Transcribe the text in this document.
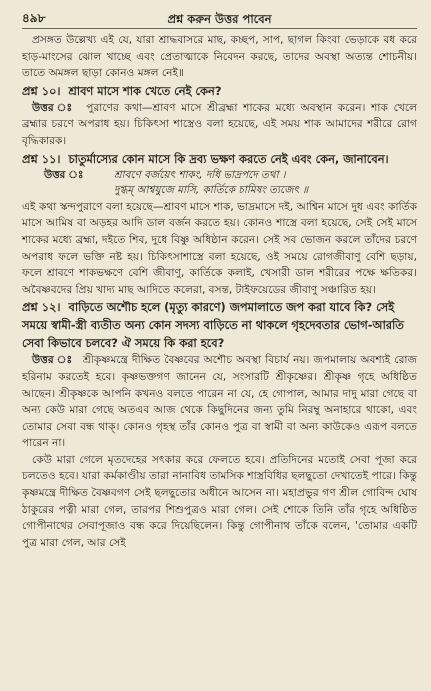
৪৯৮	প্রশ্ন করুন উত্তর পাবেন

প্রসঙ্গত উল্লেখ্য এই যে, যারা শ্রাদ্ধবাসরে মাছ, কচ্ছপ, সাপ, ছাগল কিংবা ভেড়াকে বধ করে হাড়-মাংসের ঝোল খাচ্ছে এবং প্রেতাত্মাকে নিবেদন করছে, তাদের অবস্থা অত্যন্ত শোচনীয়। তাতে অমঙ্গল ছাড়া কোনও মঙ্গল নেই॥

প্রশ্ন ১০। শ্রাবণ মাসে শাক খেতে নেই কেন?

উত্তর ঃ পুরাণের কথা—শ্রাবণ মাসে শ্রীব্রহ্মা শাকের মধ্যে অবস্থান করেন। শাক খেলে ব্রহ্মার চরণে অপরাধ হয়। চিকিৎসা শাস্ত্রেও বলা হয়েছে, এই সময় শাক আমাদের শরীরে রোগ বৃদ্ধিকারক।

প্রশ্ন ১১। চাতুর্মাস্যের কোন মাসে কি দ্রব্য ভক্ষণ করতে নেই এবং কেন, জানাবেন।
উত্তর ঃ	শ্রাবণে বর্জয়েৎ শাকং, দধি ভাদ্রপদে তথা ।
দুগ্ধম্ আশ্বযুজে মাসি, কার্তিকে চামিষং ত্যজেৎ ॥

এই কথা স্কন্দপুরাণে বলা হয়েছে—শ্রাবণ মাসে শাক, ভাদ্রমাসে দই, আশ্বিন মাসে দুধ এবং কার্তিক মাসে আমিষ বা অড়হর আদি ডাল বর্জন করতে হয়। কোনও শাস্ত্রে বলা হয়েছে, সেই সেই মাসে শাকের মধ্যে ব্রহ্মা, দইতে শিব, দুধে বিষ্ণু অধিষ্ঠান করেন। সেই সব ভোজন করলে তাঁদের চরণে অপরাধ ফলে ভক্তি নষ্ট হয়। চিকিৎসাশাস্ত্রে বলা হয়েছে, ওই সময়ে রোগজীবাণু বেশি ছড়ায়, ফলে শ্রাবণে শাকভক্ষণে বেশি জীবাণু, কার্তিকে কলাই, খেসারী ডাল শরীরের পক্ষে ক্ষতিকর। অবৈষ্ণবদের প্রিয় খাদ্য মাছ আদিতে কলেরা, বসন্ত, টাইফয়েডের জীবাণু সঞ্চারিত হয়।

প্রশ্ন ১২। বাড়িতে অশৌচ হলে (মৃত্যু কারণে) জপমালাতে জপ করা যাবে কি? সেই সময়ে স্বামী-স্ত্রী ব্যতীত অন্য কোন সদস্য বাড়িতে না থাকলে গৃহদেবতার ভোগ-আরতি সেবা কিভাবে চলবে? ঐ সময়ে কি করা হবে?

উত্তর ঃ শ্রীকৃষ্ণমন্ত্রে দীক্ষিত বৈষ্ণবের অশৌচ অবস্থা বিচার্য নয়। জপমালায় অবশ্যই রোজ হরিনাম করতেই হবে। কৃষ্ণভক্তগণ জানেন যে, সংসারটি শ্রীকৃষ্ণের। শ্রীকৃষ্ণ গৃহে অধিষ্ঠিত আছেন। শ্রীকৃষ্ণকে আপনি কখনও বলতে পারেন না যে, হে গোপাল, আমার দাদু মারা গেছে বা অন্য কেউ মারা গেছে অতএব আজ থেকে কিছুদিনের জন্য তুমি নিরম্বু অনাহারে থাকো, এবং তোমার সেবা বন্ধ থাক্। কোনও গৃহস্থ তাঁর কোনও পুত্র বা স্বামী বা অন্য কাউকেও এরূপ বলতে পারেন না।

কেউ মারা গেলে মৃতদেহের সৎকার করে ফেলতে হবে। প্রতিদিনের মতোই সেবা পূজা করে চলতেও হবে। যারা কর্মকাণ্ডীয় তারা নানাবিধ তামসিক শাস্ত্রবিধির ছলছুতো দেখাতেই পারে। কিন্তু কৃষ্ণমন্ত্রে দীক্ষিত বৈষ্ণবগণ সেই ছলছুতোর অধীনে আসেন না। মহাপ্রভুর গণ শ্রীল গোবিন্দ ঘোষ ঠাকুরের পত্নী মারা গেল, তারপর শিশুপুত্রও মারা গেল। সেই শোকে তিনি তাঁর গৃহে অধিষ্ঠিত গোপীনাথের সেবাপূজাও বন্ধ করে দিয়েছিলেন। কিন্তু গোপীনাথ তাঁকে বলেন, 'তোমার একটি পুত্র মারা গেল, আর সেই
